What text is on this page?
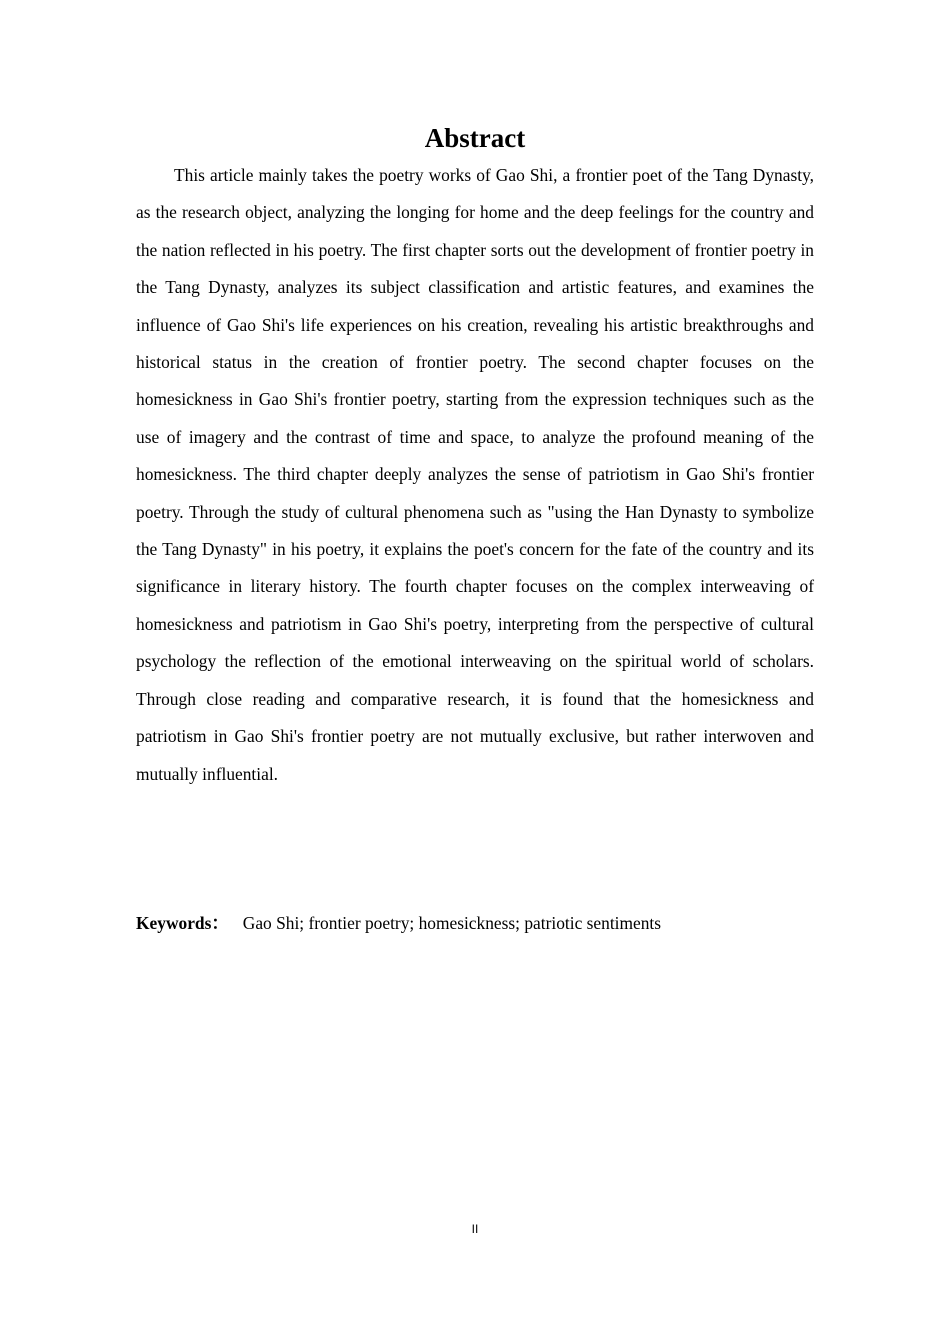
Abstract

This article mainly takes the poetry works of Gao Shi, a frontier poet of the Tang Dynasty, as the research object, analyzing the longing for home and the deep feelings for the country and the nation reflected in his poetry. The first chapter sorts out the development of frontier poetry in the Tang Dynasty, analyzes its subject classification and artistic features, and examines the influence of Gao Shi's life experiences on his creation, revealing his artistic breakthroughs and historical status in the creation of frontier poetry. The second chapter focuses on the homesickness in Gao Shi's frontier poetry, starting from the expression techniques such as the use of imagery and the contrast of time and space, to analyze the profound meaning of the homesickness. The third chapter deeply analyzes the sense of patriotism in Gao Shi's frontier poetry. Through the study of cultural phenomena such as "using the Han Dynasty to symbolize the Tang Dynasty" in his poetry, it explains the poet's concern for the fate of the country and its significance in literary history. The fourth chapter focuses on the complex interweaving of homesickness and patriotism in Gao Shi's poetry, interpreting from the perspective of cultural psychology the reflection of the emotional interweaving on the spiritual world of scholars. Through close reading and comparative research, it is found that the homesickness and patriotism in Gao Shi's frontier poetry are not mutually exclusive, but rather interwoven and mutually influential.

Keywords： Gao Shi; frontier poetry; homesickness; patriotic sentiments

II
